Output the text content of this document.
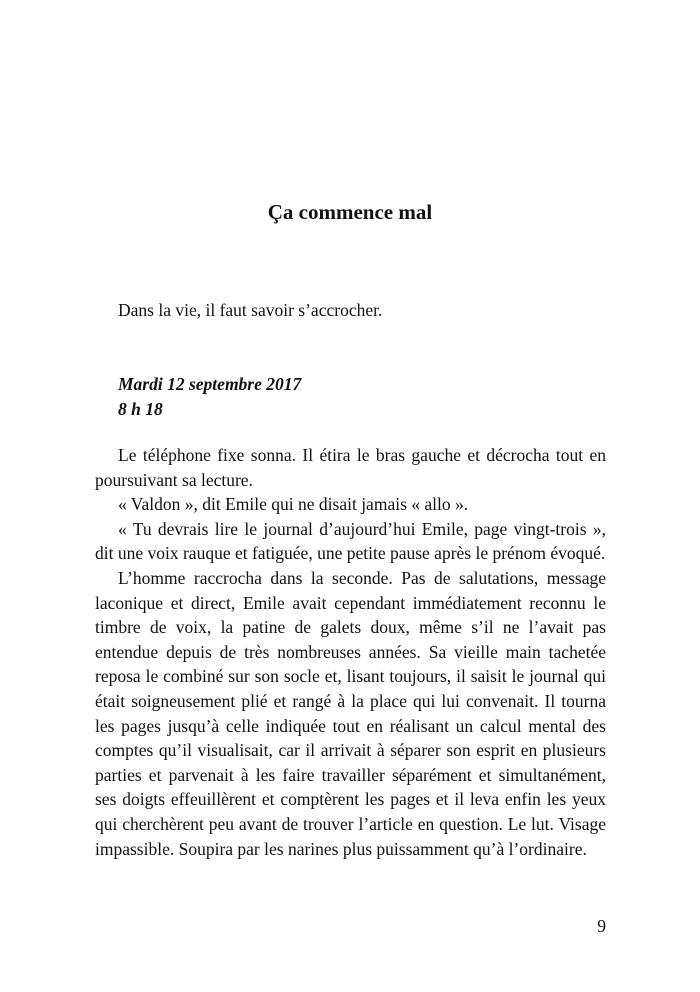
Ça commence mal

Dans la vie, il faut savoir s’accrocher.

Mardi 12 septembre 2017
8 h 18

Le téléphone fixe sonna. Il étira le bras gauche et décrocha tout en poursuivant sa lecture.

« Valdon », dit Emile qui ne disait jamais « allo ».

« Tu devrais lire le journal d’aujourd’hui Emile, page vingt-trois », dit une voix rauque et fatiguée, une petite pause après le prénom évoqué.

L’homme raccrocha dans la seconde. Pas de salutations, message laconique et direct, Emile avait cependant immédiatement reconnu le timbre de voix, la patine de galets doux, même s’il ne l’avait pas entendue depuis de très nombreuses années. Sa vieille main tachetée reposa le combiné sur son socle et, lisant toujours, il saisit le journal qui était soigneusement plié et rangé à la place qui lui convenait. Il tourna les pages jusqu’à celle indiquée tout en réalisant un calcul mental des comptes qu’il visualisait, car il arrivait à séparer son esprit en plusieurs parties et parvenait à les faire travailler séparément et simultanément, ses doigts effeuillèrent et comptèrent les pages et il leva enfin les yeux qui cherchèrent peu avant de trouver l’article en question. Le lut. Visage impassible. Soupira par les narines plus puissamment qu’à l’ordinaire.

9
